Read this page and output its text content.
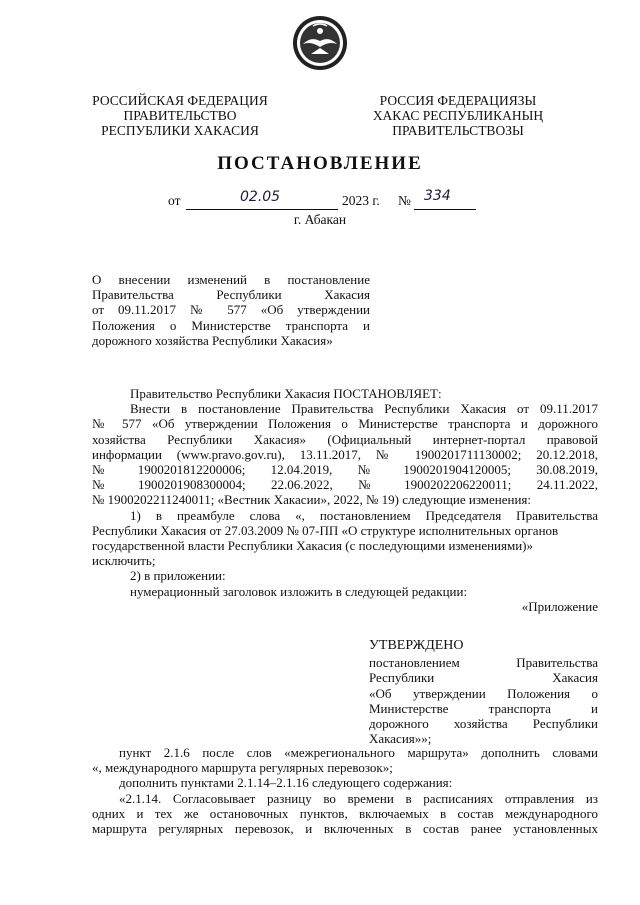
РОССИЙСКАЯ ФЕДЕРАЦИЯ
ПРАВИТЕЛЬСТВО
РЕСПУБЛИКИ ХАКАСИЯ
РОССИЯ ФЕДЕРАЦИЯЗЫ
ХАКАС РЕСПУБЛИКАНЫҢ
ПРАВИТЕЛЬСТВОЗЫ
ПОСТАНОВЛЕНИЕ
от	02.05	2023 г. № 334
г. Абакан
О внесении изменений в постановление
Правительства Республики Хакасия
от 09.11.2017 № 577 «Об утверждении
Положения о Министерстве транспорта и
дорожного хозяйства Республики Хакасия»
Правительство Республики Хакасия ПОСТАНОВЛЯЕТ:
Внести в постановление Правительства Республики Хакасия от 09.11.2017
№ 577 «Об утверждении Положения о Министерстве транспорта и дорожного
хозяйства Республики Хакасия» (Официальный интернет-портал правовой
информации (www.pravo.gov.ru), 13.11.2017, № 1900201711130002; 20.12.2018,
№ 1900201812200006; 12.04.2019, № 1900201904120005; 30.08.2019,
№ 1900201908300004; 22.06.2022, № 1900202206220011; 24.11.2022,
№ 1900202211240011; «Вестник Хакасии», 2022, № 19) следующие изменения:
1) в преамбуле слова «, постановлением Председателя Правительства
Республики Хакасия от 27.03.2009 № 07-ПП «О структуре исполнительных органов
государственной власти Республики Хакасия (с последующими изменениями)»
исключить;
2) в приложении:
нумерационный заголовок изложить в следующей редакции:
«Приложение
УТВЕРЖДЕНО
постановлением Правительства
Республики Хакасия
«Об утверждении Положения о
Министерстве транспорта и
дорожного хозяйства Республики
Хакасия»»;
пункт 2.1.6 после слов «межрегионального маршрута» дополнить словами
«, международного маршрута регулярных перевозок»;
дополнить пунктами 2.1.14–2.1.16 следующего содержания:
«2.1.14. Согласовывает разницу во времени в расписаниях отправления из
одних и тех же остановочных пунктов, включаемых в состав международного
маршрута регулярных перевозок, и включенных в состав ранее установленных
